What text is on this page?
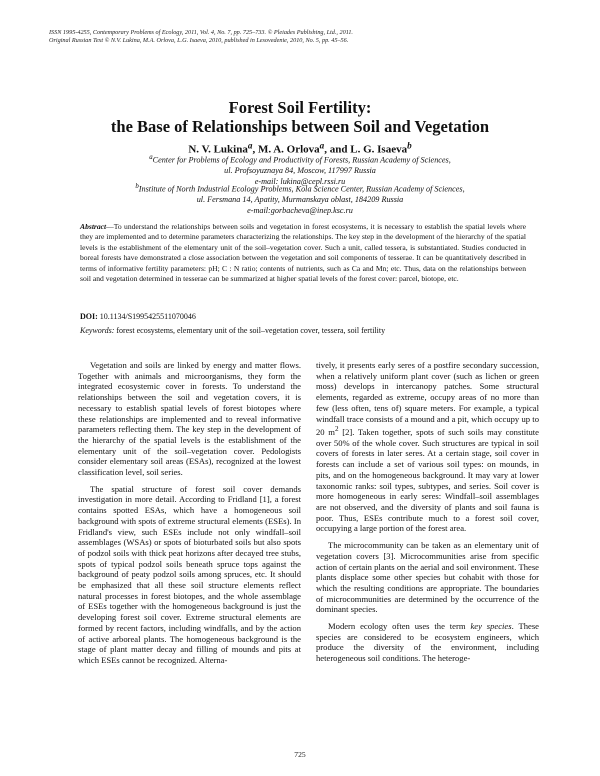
ISSN 1995-4255, Contemporary Problems of Ecology, 2011, Vol. 4, No. 7, pp. 725–733. © Pleiades Publishing, Ltd., 2011.
Original Russian Text © N.V. Lukina, M.A. Orlova, L.G. Isaeva, 2010, published in Lesovedenie, 2010, No. 5, pp. 45–56.
Forest Soil Fertility:
the Base of Relationships between Soil and Vegetation
N. V. Lukina$^a$, M. A. Orlova$^a$, and L. G. Isaeva$^b$
$^a$Center for Problems of Ecology and Productivity of Forests, Russian Academy of Sciences,
ul. Profsoyuznaya 84, Moscow, 117997 Russia
e-mail: lukina@cepl.rssi.ru
$^b$Institute of North Industrial Ecology Problems, Kola Science Center, Russian Academy of Sciences,
ul. Fersmana 14, Apatity, Murmanskaya oblast, 184209 Russia
e-mail:gorbacheva@inep.ksc.ru
Abstract—To understand the relationships between soils and vegetation in forest ecosystems, it is necessary to establish the spatial levels where they are implemented and to determine parameters characterizing the relationships. The key step in the development of the hierarchy of the spatial levels is the establishment of the elementary unit of the soil–vegetation cover. Such a unit, called tessera, is substantiated. Studies conducted in boreal forests have demonstrated a close association between the vegetation and soil components of tesserae. It can be quantitatively described in terms of informative fertility parameters: pH; C : N ratio; contents of nutrients, such as Ca and Mn; etc. Thus, data on the relationships between soil and vegetation determined in tesserae can be summarized at higher spatial levels of the forest cover: parcel, biotope, etc.
DOI: 10.1134/S1995425511070046
Keywords: forest ecosystems, elementary unit of the soil–vegetation cover, tessera, soil fertility

Vegetation and soils are linked by energy and matter flows. Together with animals and microorganisms, they form the integrated ecosystemic cover in forests. To understand the relationships between the soil and vegetation covers, it is necessary to establish spatial levels of forest biotopes where these relationships are implemented and to reveal informative parameters reflecting them. The key step in the development of the hierarchy of the spatial levels is the establishment of the elementary unit of the soil–vegetation cover. Pedologists consider elementary soil areas (ESAs), recognized at the lowest classification level, soil series.

The spatial structure of forest soil cover demands investigation in more detail. According to Fridland [1], a forest contains spotted ESAs, which have a homogeneous soil background with spots of extreme structural elements (ESEs). In Fridland's view, such ESEs include not only windfall–soil assemblages (WSAs) or spots of bioturbated soils but also spots of podzol soils with thick peat horizons after decayed tree stubs, spots of typical podzol soils beneath spruce tops against the background of peaty podzol soils among spruces, etc. It should be emphasized that all these soil structure elements reflect natural processes in forest biotopes, and the whole assemblage of ESEs together with the homogeneous background is just the developing forest soil cover. Extreme structural elements are formed by recent factors, including windfalls, and by the action of active arboreal plants. The homogeneous background is the stage of plant matter decay and filling of mounds and pits at which ESEs cannot be recognized. Alterna-

tively, it presents early seres of a postfire secondary succession, when a relatively uniform plant cover (such as lichen or green moss) develops in intercanopy patches. Some structural elements, regarded as extreme, occupy areas of no more than few (less often, tens of) square meters. For example, a typical windfall trace consists of a mound and a pit, which occupy up to 20 $m^2$ [2]. Taken together, spots of such soils may constitute over 50% of the whole cover. Such structures are typical in soil covers of forests in later seres. At a certain stage, soil cover in forests can include a set of various soil types: on mounds, in pits, and on the homogeneous background. It may vary at lower taxonomic ranks: soil types, subtypes, and series. Soil cover is more homogeneous in early seres: Windfall–soil assemblages are not observed, and the diversity of plants and soil fauna is poor. Thus, ESEs contribute much to a forest soil cover, occupying a large portion of the forest area.

The microcommunity can be taken as an elementary unit of vegetation covers [3]. Microcommunities arise from specific action of certain plants on the aerial and soil environment. These plants displace some other species but cohabit with those for which the resulting conditions are appropriate. The boundaries of microcommunities are determined by the occurrence of the dominant species.

Modern ecology often uses the term key species. These species are considered to be ecosystem engineers, which produce the diversity of the environment, including heterogeneous soil conditions. The heteroge-

725
